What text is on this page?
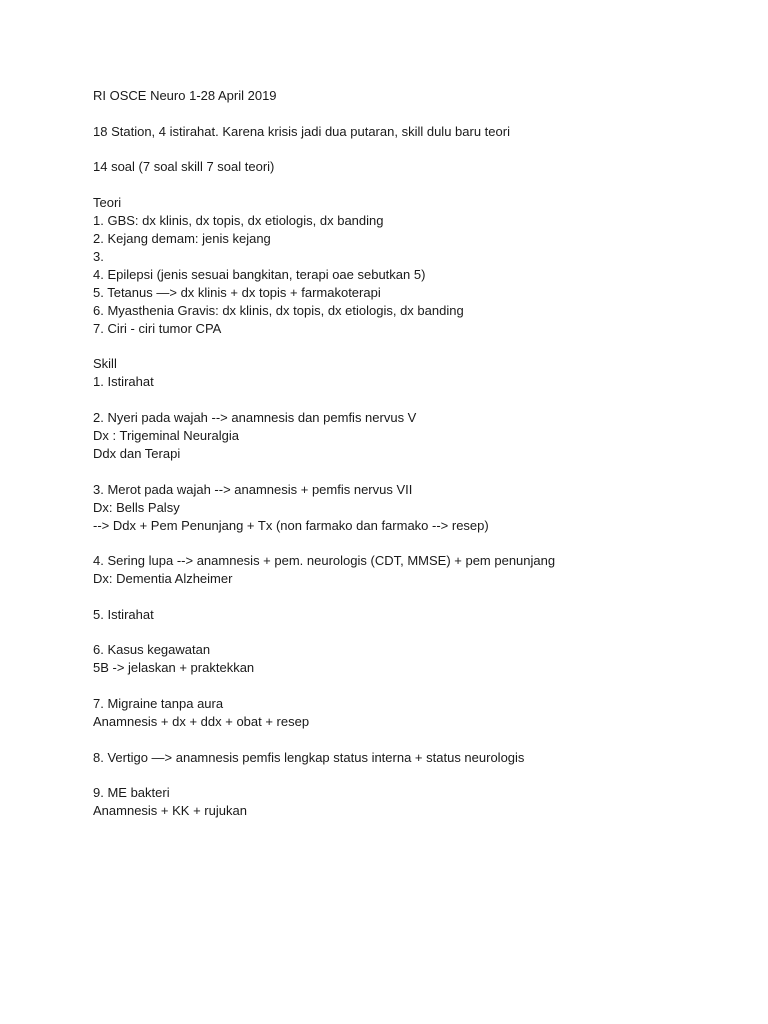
RI OSCE Neuro 1-28 April 2019
18 Station, 4 istirahat. Karena krisis jadi dua putaran, skill dulu baru teori
14 soal (7 soal skill 7 soal teori)
Teori
1. GBS: dx klinis, dx topis, dx etiologis, dx banding
2. Kejang demam: jenis kejang
3.
4. Epilepsi (jenis sesuai bangkitan, terapi oae sebutkan 5)
5. Tetanus —> dx klinis + dx topis + farmakoterapi
6. Myasthenia Gravis: dx klinis, dx topis, dx etiologis, dx banding
7. Ciri - ciri tumor CPA
Skill
1. Istirahat
2. Nyeri pada wajah --> anamnesis dan pemfis nervus V
Dx : Trigeminal Neuralgia
Ddx dan Terapi
3. Merot pada wajah --> anamnesis + pemfis nervus VII
Dx: Bells Palsy
--> Ddx + Pem Penunjang + Tx (non farmako dan farmako --> resep)
4. Sering lupa --> anamnesis + pem. neurologis (CDT, MMSE) + pem penunjang
Dx: Dementia Alzheimer
5. Istirahat
6. Kasus kegawatan
5B -> jelaskan + praktekkan
7. Migraine tanpa aura
Anamnesis + dx + ddx + obat + resep
8. Vertigo —> anamnesis pemfis lengkap status interna + status neurologis
9. ME bakteri
Anamnesis + KK + rujukan
